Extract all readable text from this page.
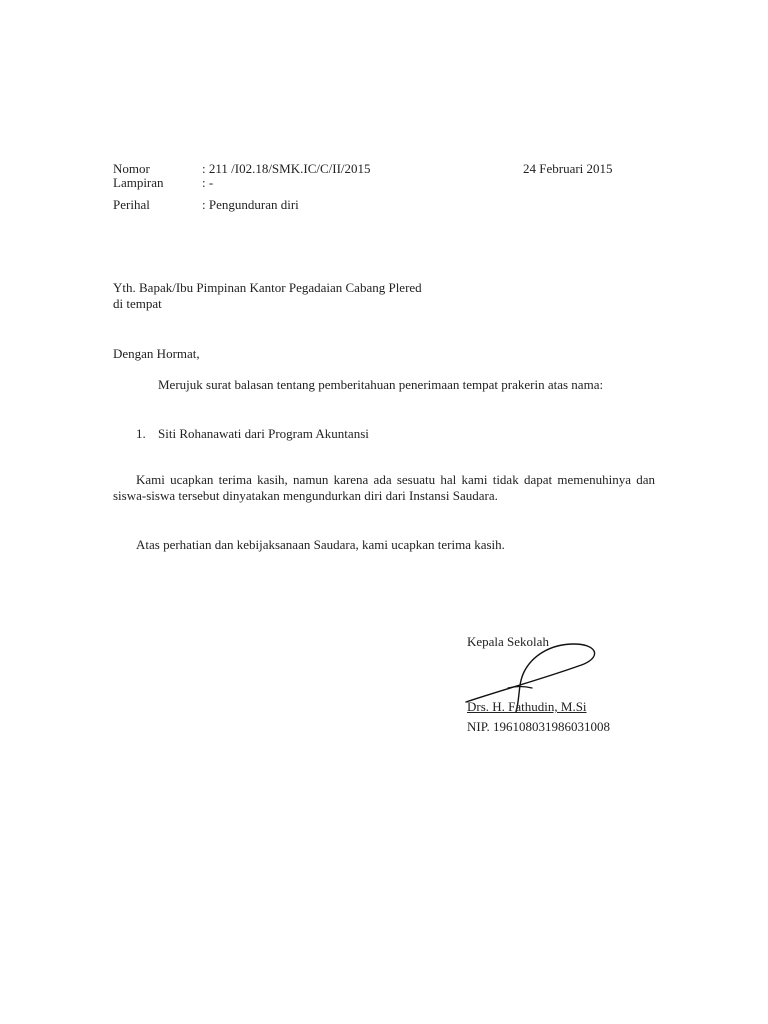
Nomor	: 211 /I02.18/SMK.IC/C/II/2015	24 Februari 2015
Lampiran	: -
Perihal	: Pengunduran diri
Yth. Bapak/Ibu Pimpinan Kantor Pegadaian Cabang Plered
di tempat
Dengan Hormat,
Merujuk surat balasan tentang pemberitahuan penerimaan tempat prakerin atas nama:
1. Siti Rohanawati dari Program Akuntansi
Kami ucapkan terima kasih, namun karena ada sesuatu hal kami tidak dapat memenuhinya dan siswa-siswa tersebut dinyatakan mengundurkan diri dari Instansi Saudara.
Atas perhatian dan kebijaksanaan Saudara, kami ucapkan terima kasih.
Kepala Sekolah
Drs. H. Fathudin, M.Si
NIP. 196108031986031008
